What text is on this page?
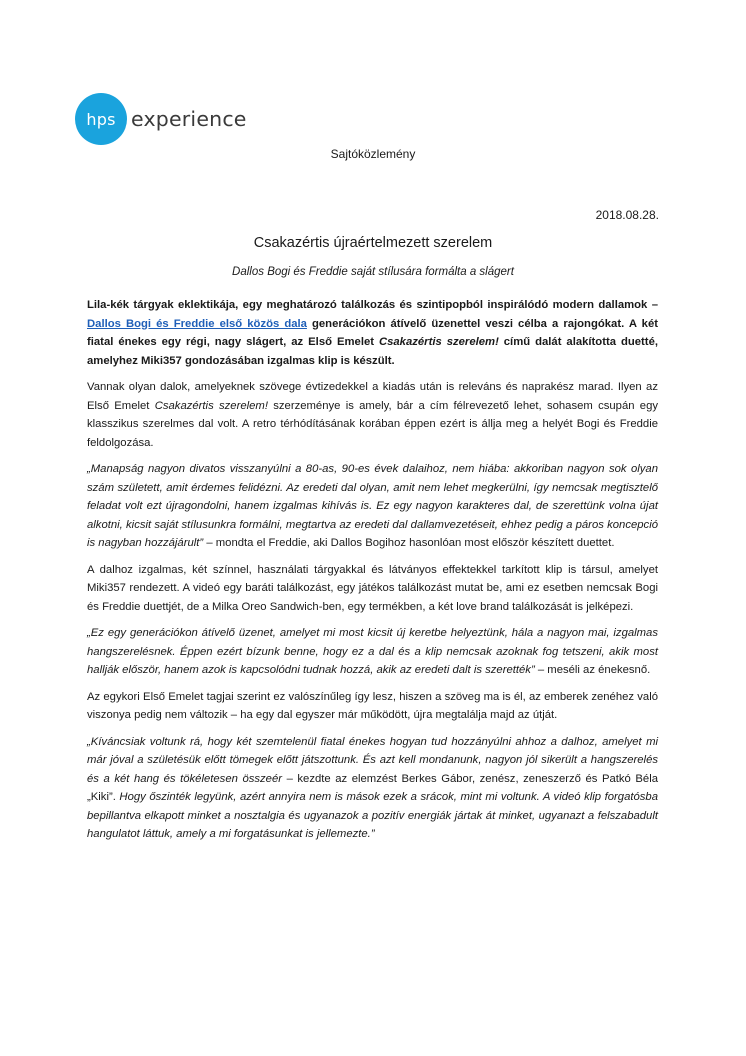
hps experience
Sajtóközlemény
2018.08.28.
Csakazértis újraértelmezett szerelem
Dallos Bogi és Freddie saját stílusára formálta a slágert

Lila-kék tárgyak eklektikája, egy meghatározó találkozás és szintipopból inspirálódó modern dallamok – Dallos Bogi és Freddie első közös dala generációkon átívelő üzenettel veszi célba a rajongókat. A két fiatal énekes egy régi, nagy slágert, az Első Emelet Csakazértis szerelem! című dalát alakította duetté, amelyhez Miki357 gondozásában izgalmas klip is készült.

Vannak olyan dalok, amelyeknek szövege évtizedekkel a kiadás után is releváns és naprakész marad. Ilyen az Első Emelet Csakazértis szerelem! szerzeménye is amely, bár a cím félrevezető lehet, sohasem csupán egy klasszikus szerelmes dal volt. A retro térhódításának korában éppen ezért is állja meg a helyét Bogi és Freddie feldolgozása.

„Manapság nagyon divatos visszanyúlni a 80-as, 90-es évek dalaihoz, nem hiába: akkoriban nagyon sok olyan szám született, amit érdemes felidézni. Az eredeti dal olyan, amit nem lehet megkerülni, így nemcsak megtisztelő feladat volt ezt újragondolni, hanem izgalmas kihívás is. Ez egy nagyon karakteres dal, de szerettünk volna újat alkotni, kicsit saját stílusunkra formálni, megtartva az eredeti dal dallamvezetéseit, ehhez pedig a páros koncepció is nagyban hozzájárult” – mondta el Freddie, aki Dallos Bogihoz hasonlóan most először készített duettet.

A dalhoz izgalmas, két színnel, használati tárgyakkal és látványos effektekkel tarkított klip is társul, amelyet Miki357 rendezett. A videó egy baráti találkozást, egy játékos találkozást mutat be, ami ez esetben nemcsak Bogi és Freddie duettjét, de a Milka Oreo Sandwich-ben, egy termékben, a két love brand találkozását is jelképezi.

„Ez egy generációkon átívelő üzenet, amelyet mi most kicsit új keretbe helyeztünk, hála a nagyon mai, izgalmas hangszerelésnek. Éppen ezért bízunk benne, hogy ez a dal és a klip nemcsak azoknak fog tetszeni, akik most hallják először, hanem azok is kapcsolódni tudnak hozzá, akik az eredeti dalt is szerették” – meséli az énekesnő.

Az egykori Első Emelet tagjai szerint ez valószínűleg így lesz, hiszen a szöveg ma is él, az emberek zenéhez való viszonya pedig nem változik – ha egy dal egyszer már működött, újra megtalálja majd az útját.

„Kíváncsiak voltunk rá, hogy két szemtelenül fiatal énekes hogyan tud hozzányúlni ahhoz a dalhoz, amelyet mi már jóval a születésük előtt tömegek előtt játszottunk. És azt kell mondanunk, nagyon jól sikerült a hangszerelés és a két hang és tökéletesen összeér – kezdte az elemzést Berkes Gábor, zenész, zeneszerző és Patkó Béla „Kiki”. Hogy őszinték legyünk, azért annyira nem is mások ezek a srácok, mint mi voltunk. A videó klip forgatósba bepillantva elkapott minket a nosztalgia és ugyanazok a pozitív energiák jártak át minket, ugyanazt a felszabadult hangulatot láttuk, amely a mi forgatásunkat is jellemezte.”
